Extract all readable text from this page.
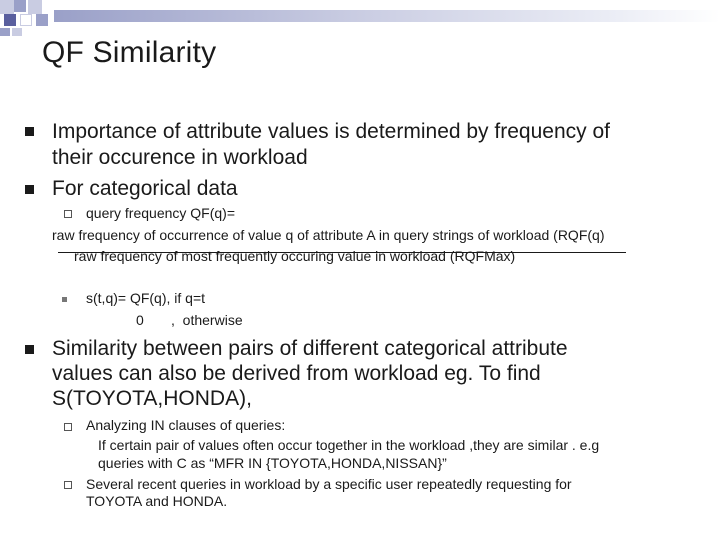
QF Similarity
Importance of attribute values is determined by frequency of
their occurence in workload
For categorical data
query frequency QF(q)=
raw frequency of occurrence of value q of attribute A in query strings of workload (RQF(q)
raw frequency of most frequently occuring value in workload (RQFMax)
s(t,q)= QF(q), if q=t
0       ,  otherwise
Similarity between pairs of different categorical attribute
values can also be derived from workload eg. To find
S(TOYOTA,HONDA),
Analyzing IN clauses of queries:
If certain pair of values often occur together in the workload ,they are similar . e.g
queries with C as “MFR IN {TOYOTA,HONDA,NISSAN}”
Several recent queries in workload by a specific user repeatedly requesting for
TOYOTA and HONDA.
